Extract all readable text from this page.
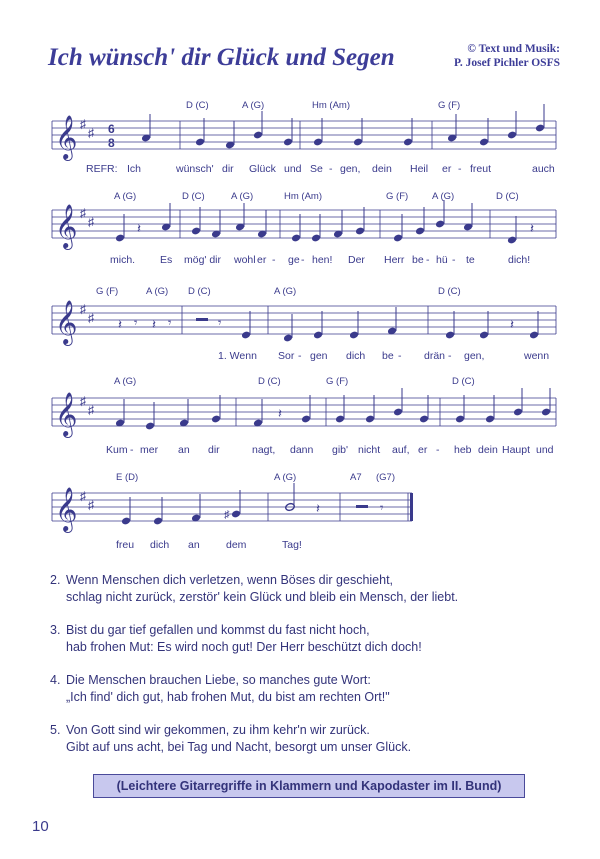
Ich wünsch' dir Glück und Segen	© Text und Musik:
P. Josef Pichler OSFS
𝄞 ♯
♯ 6
8
D (C)	A (G)	Hm (Am)	G (F)
REFR: Ich	wünsch' dir Glück und Se - gen, dein Heil er - freut	auch
𝄞 ♯
♯
A (G)	D (C)	A (G)	Hm (Am)	G (F)	A (G)	D (C)
𝄽	𝄽
mich. Es mög' dir wohl er - ge - hen! Der Herr be - hü - te	dich!
𝄞 ♯
♯ 𝄽 𝄾 𝄽 𝄾	𝄾	𝄽
G (F)	A (G) D (C)	A (G)	D (C)
1. Wenn Sor - gen dich be - drän - gen,	wenn
𝄞 ♯
♯	𝄽
A (G)	D (C)	G (F)	D (C)
Kum - mer an dir	nagt, dann gib' nicht auf, er - heb dein Haupt und
𝄞 ♯
♯
♯	𝄽	𝄾
E (D)	A (G)	A7 (G7)
freu dich an	dem	Tag!
2. Wenn Menschen dich verletzen, wenn Böses dir geschieht,
schlag nicht zurück, zerstör' kein Glück und bleib ein Mensch, der liebt.
3. Bist du gar tief gefallen und kommst du fast nicht hoch,
hab frohen Mut: Es wird noch gut! Der Herr beschützt dich doch!
4. Die Menschen brauchen Liebe, so manches gute Wort:
„Ich find' dich gut, hab frohen Mut, du bist am rechten Ort!"
5. Von Gott sind wir gekommen, zu ihm kehr'n wir zurück.
Gibt auf uns acht, bei Tag und Nacht, besorgt um unser Glück.
(Leichtere Gitarregriffe in Klammern und Kapodaster im II. Bund)
10
